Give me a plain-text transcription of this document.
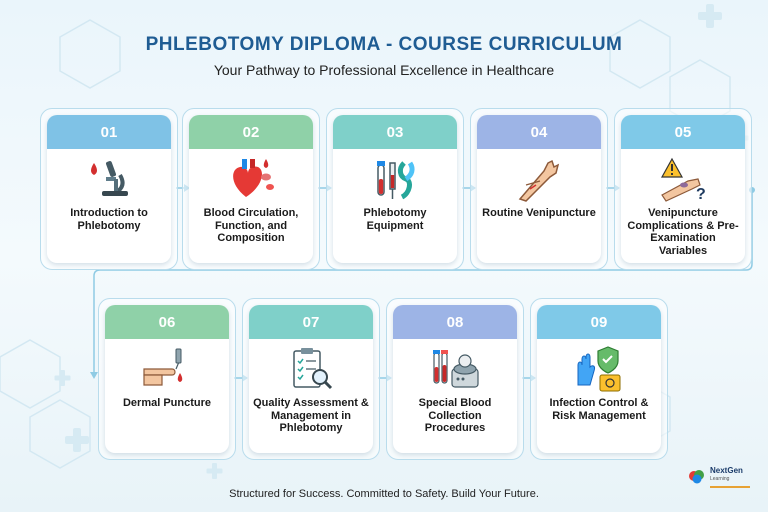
PHLEBOTOMY DIPLOMA - COURSE CURRICULUM
Your Pathway to Professional Excellence in Healthcare
01
Introduction to Phlebotomy
02
Blood Circulation, Function, and Composition
03
Phlebotomy Equipment
04
Routine Venipuncture
05
?
Venipuncture Complications & Pre-Examination Variables
06
Dermal Puncture
07
Quality Assessment & Management in Phlebotomy
08
Special Blood Collection Procedures
09
Infection Control & Risk Management
Structured for Success. Committed to Safety. Build Your Future.
NextGen
Learning
